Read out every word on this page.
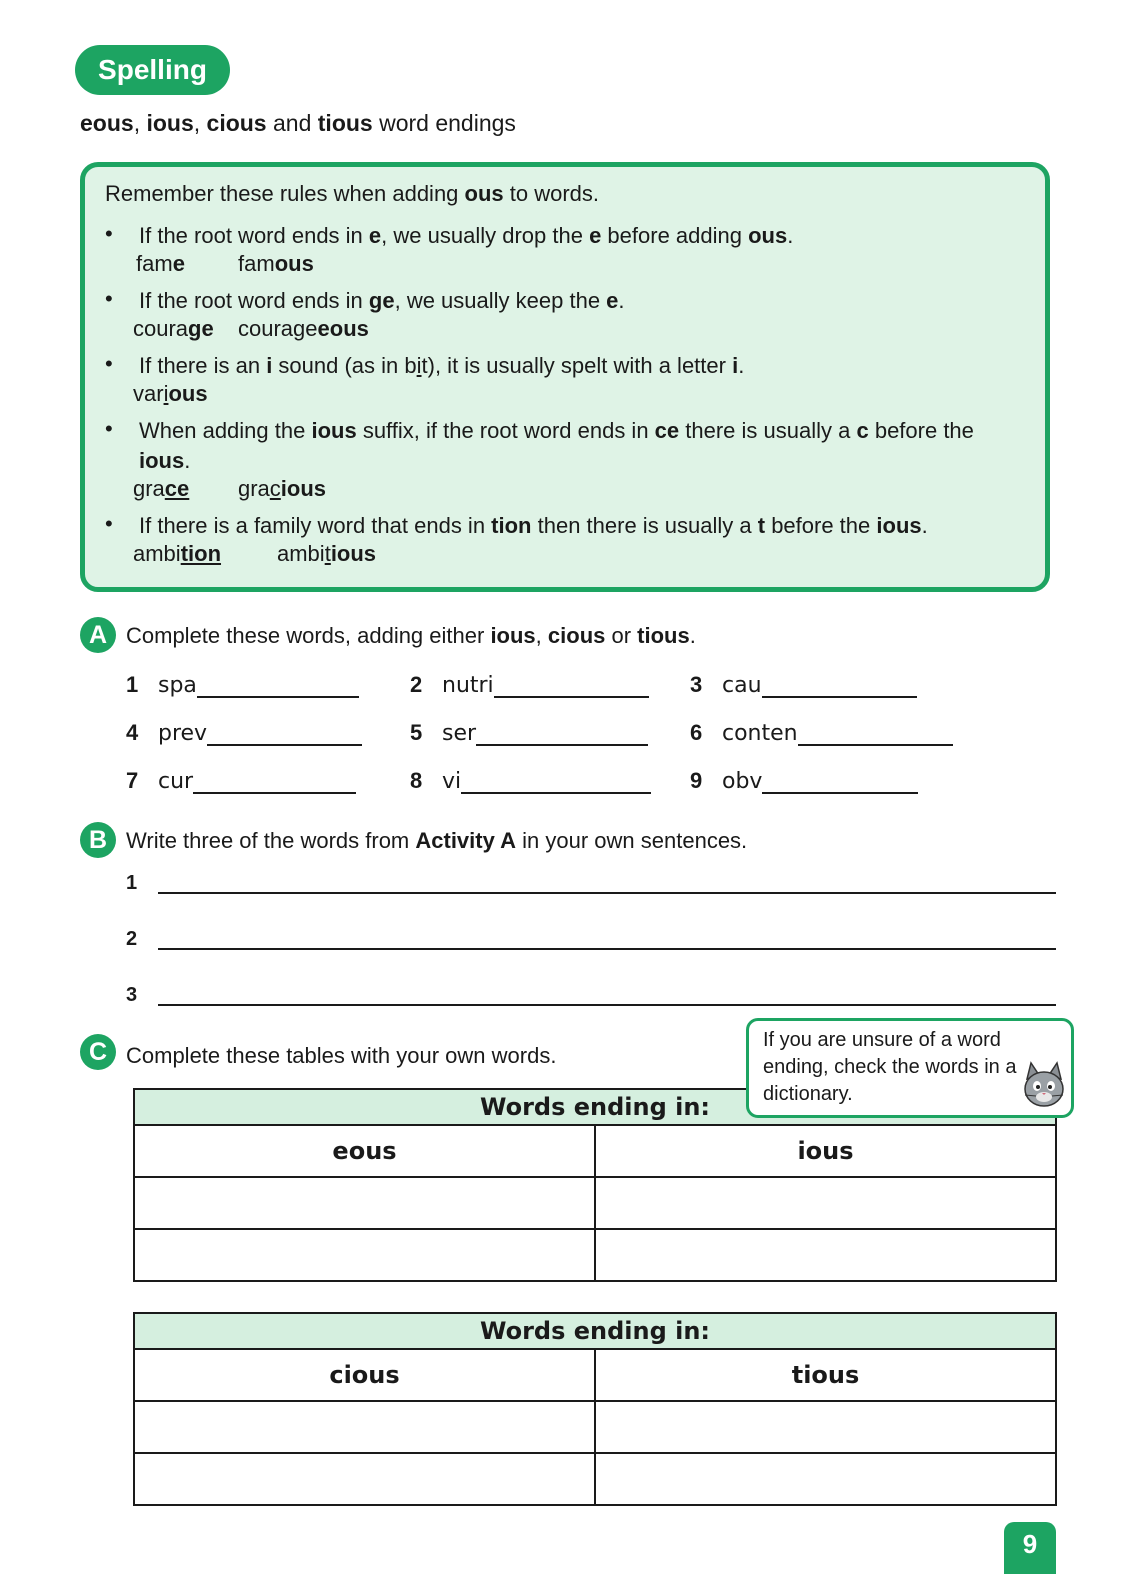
Spelling
eous, ious, cious and tious word endings
Remember these rules when adding ous to words.
• If the root word ends in e, we usually drop the e before adding ous.
fame famous
• If the root word ends in ge, we usually keep the e.
courage courageeous
• If there is an i sound (as in bit), it is usually spelt with a letter i.
various
• When adding the ious suffix, if the root word ends in ce there is usually a c before the ious.
grace gracious
• If there is a family word that ends in tion then there is usually a t before the ious.
ambition	ambitious
A Complete these words, adding either ious, cious or tious.
1 spa	2 nutri	3 cau
4 prev	5 ser	6 conten
7 cur	8 vi	9 obv
B Write three of the words from Activity A in your own sentences.
1
2
3
C Complete these tables with your own words.
Words ending in:	
eous	ious

Words ending in:	
cious	tious

If you are unsure of a word ending, check the words in a dictionary.
9
